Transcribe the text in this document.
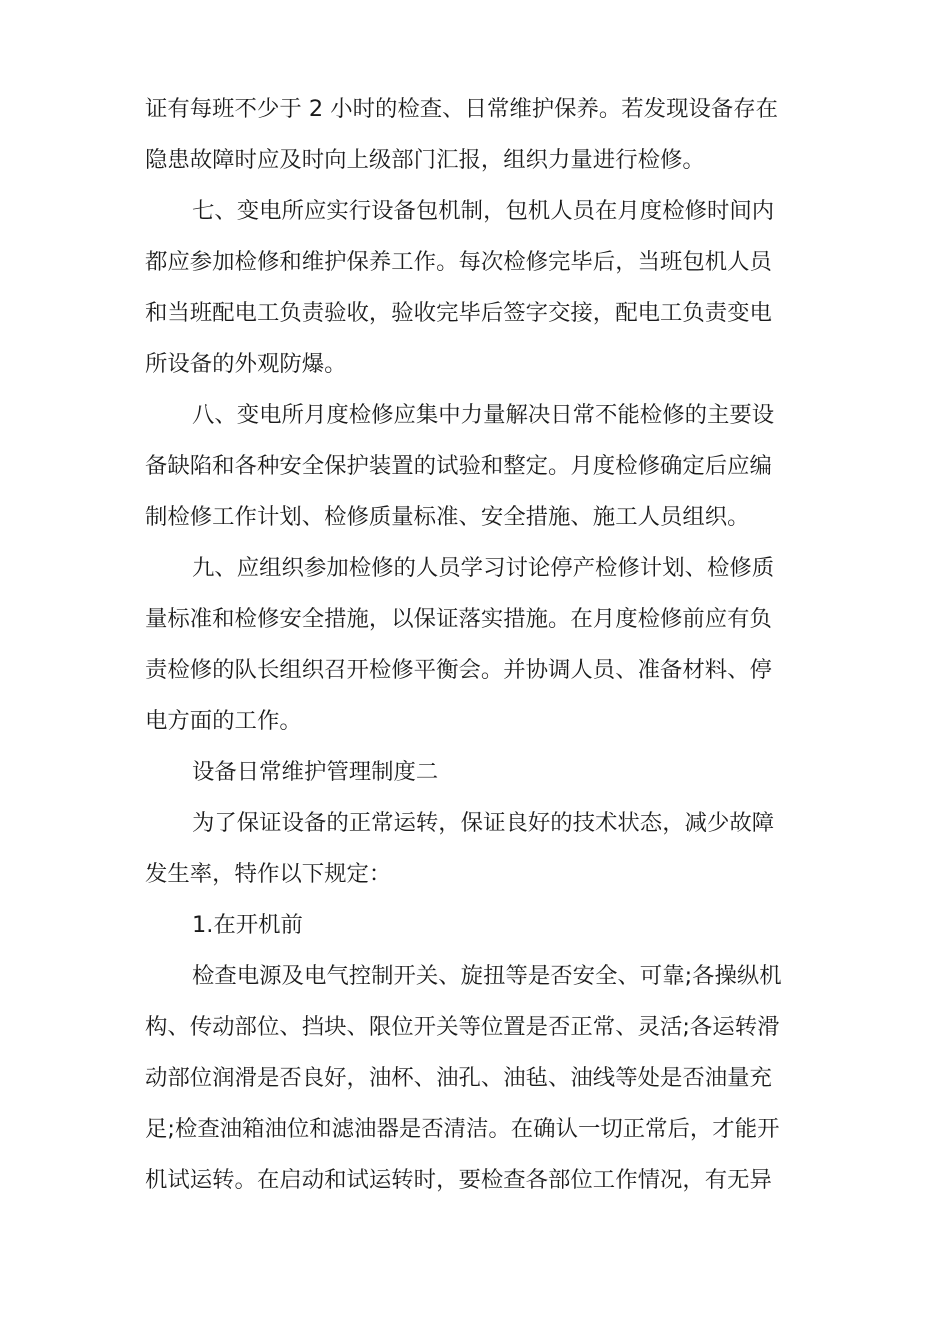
证有每班不少于 2 小时的检查、日常维护保养。若发现设备存在
隐患故障时应及时向上级部门汇报，组织力量进行检修。

七、变电所应实行设备包机制，包机人员在月度检修时间内
都应参加检修和维护保养工作。每次检修完毕后，当班包机人员
和当班配电工负责验收，验收完毕后签字交接，配电工负责变电
所设备的外观防爆。

八、变电所月度检修应集中力量解决日常不能检修的主要设
备缺陷和各种安全保护装置的试验和整定。月度检修确定后应编
制检修工作计划、检修质量标准、安全措施、施工人员组织。

九、应组织参加检修的人员学习讨论停产检修计划、检修质
量标准和检修安全措施，以保证落实措施。在月度检修前应有负
责检修的队长组织召开检修平衡会。并协调人员、准备材料、停
电方面的工作。

设备日常维护管理制度二

为了保证设备的正常运转，保证良好的技术状态，减少故障
发生率，特作以下规定：

1.在开机前

检查电源及电气控制开关、旋扭等是否安全、可靠;各操纵机
构、传动部位、挡块、限位开关等位置是否正常、灵活;各运转滑
动部位润滑是否良好，油杯、油孔、油毡、油线等处是否油量充
足;检查油箱油位和滤油器是否清洁。在确认一切正常后，才能开
机试运转。在启动和试运转时，要检查各部位工作情况，有无异
